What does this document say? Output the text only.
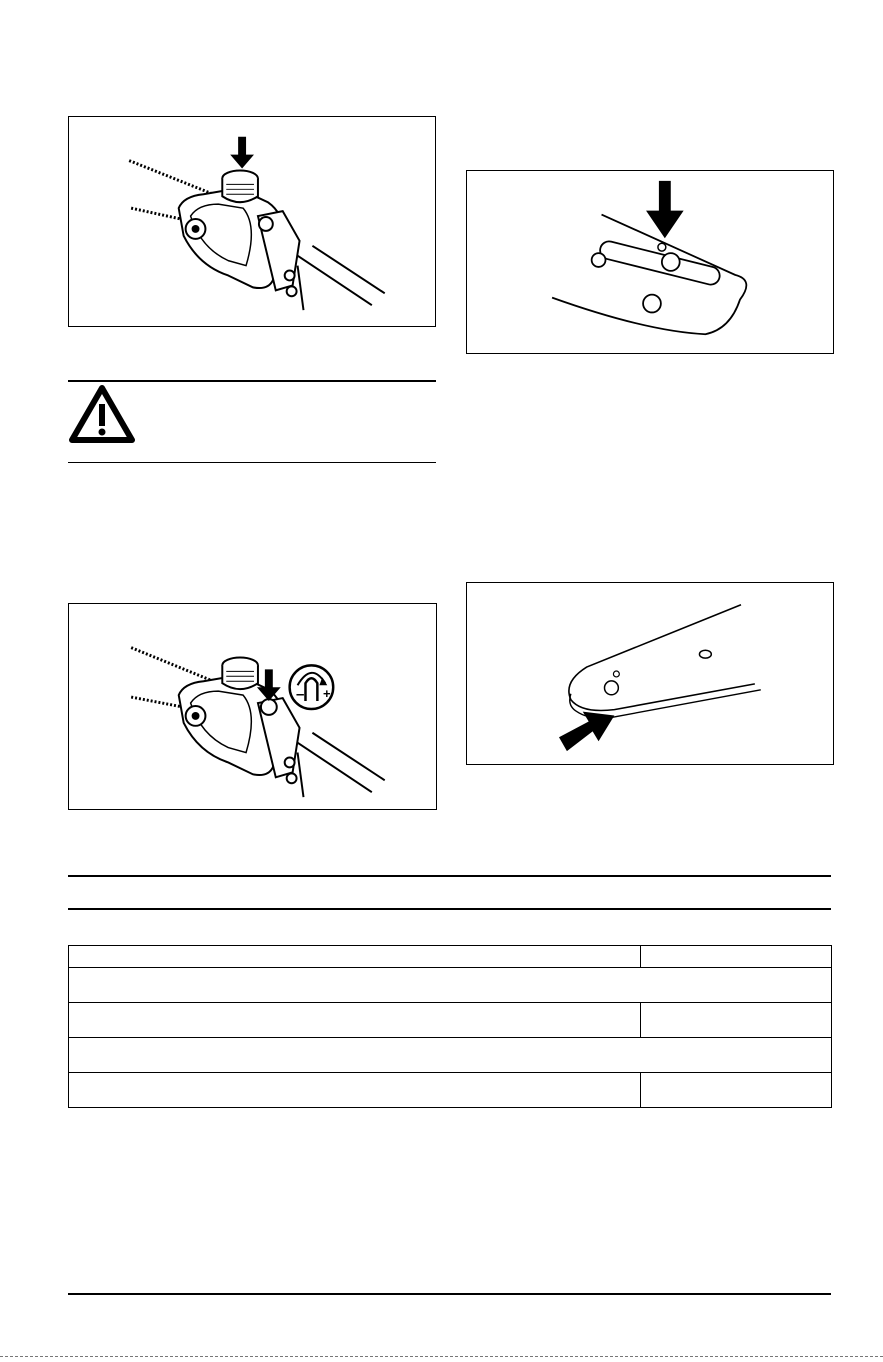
– +
